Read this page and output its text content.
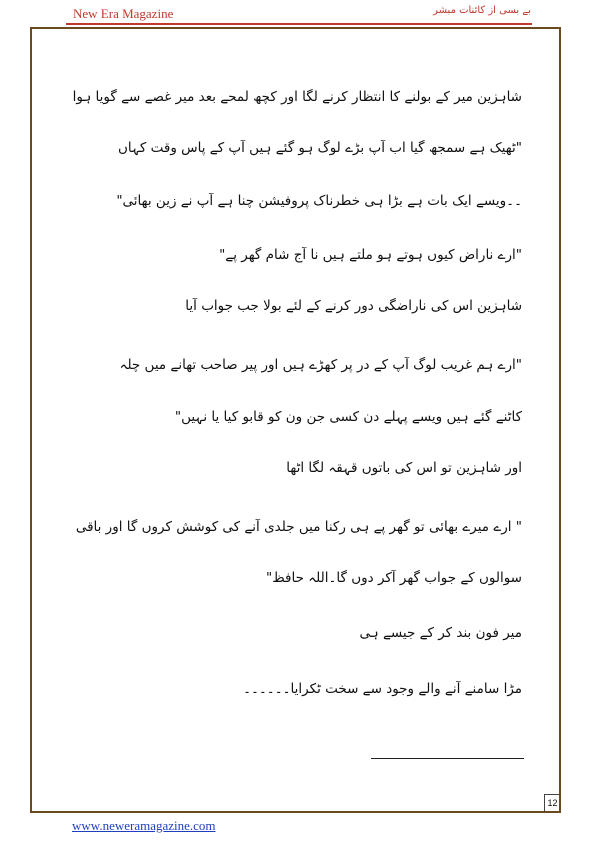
New Era Magazine	بے بسی از کائنات مبشر
شاہزین میر کے بولنے کا انتظار کرنے لگا اور کچھ لمحے بعد میر غصے سے گویا ہوا
"ٹھیک ہے سمجھ گیا اب آپ بڑے لوگ ہو گئے ہیں آپ کے پاس وقت کہاں
۔۔ویسے ایک بات ہے بڑا ہی خطرناک پروفیشن چنا ہے آپ نے زین بھائی"
"ارے ناراض کیوں ہوتے ہو ملتے ہیں نا آج شام گھر پے"
شاہزین اس کی ناراضگی دور کرنے کے لئے بولا جب جواب آیا
"ارے ہم غریب لوگ آپ کے در پر کھڑے ہیں اور پیر صاحب تھانے میں چلہ
کاٹنے گئے ہیں ویسے پہلے دن کسی جن ون کو قابو کیا یا نہیں"
اور شاہزین تو اس کی باتوں قہقہ لگا اٹھا
" ارے میرے بھائی تو گھر پے ہی رکنا میں جلدی آنے کی کوشش کروں گا اور باقی
سوالوں کے جواب گھر آکر دوں گا۔اللہ حافظ"
میر فون بند کر کے جیسے ہی
مڑا سامنے آنے والے وجود سے سخت ٹکرایا۔۔۔۔۔۔
12
www.neweramagazine.com
